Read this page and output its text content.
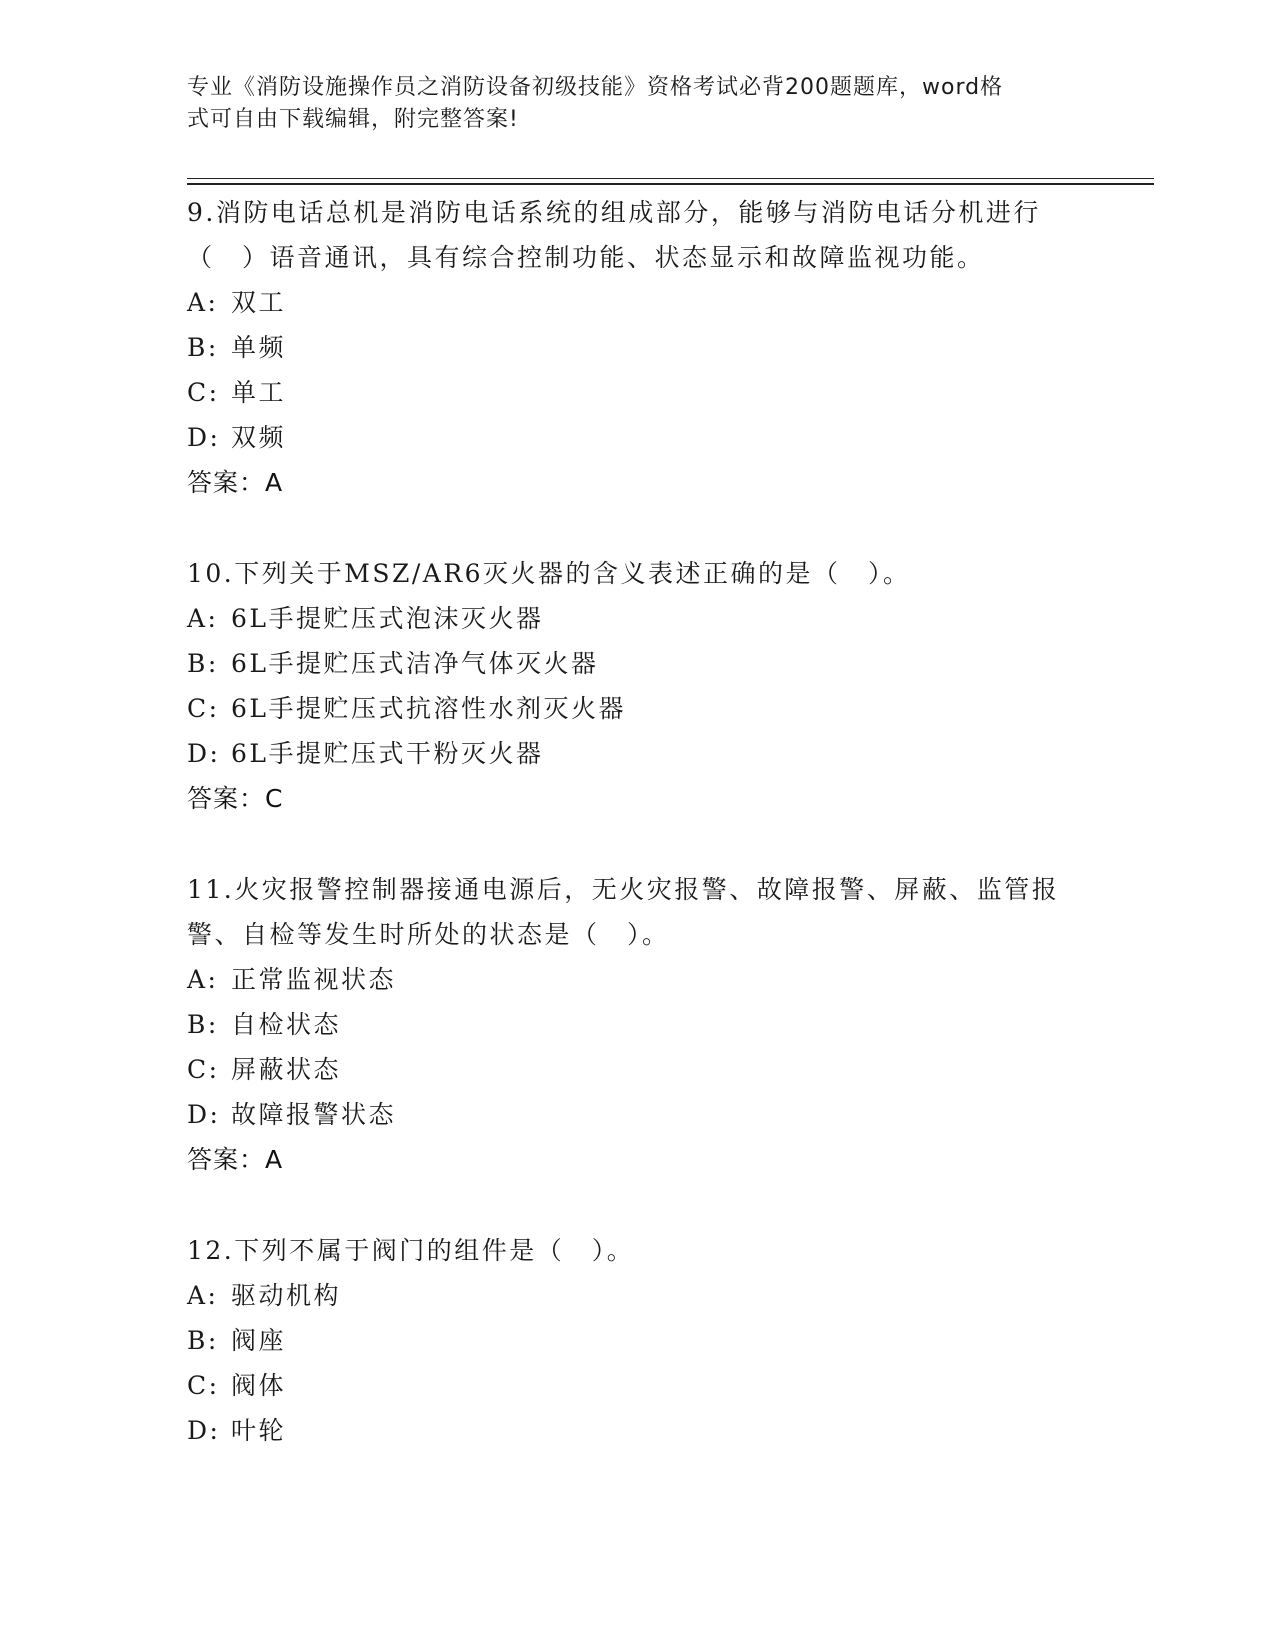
专业《消防设施操作员之消防设备初级技能》资格考试必背200题题库，word格
式可自由下载编辑，附完整答案!
9.消防电话总机是消防电话系统的组成部分，能够与消防电话分机进行（　）语音通讯，具有综合控制功能、状态显示和故障监视功能。
A: 双工
B: 单频
C: 单工
D: 双频
答案：A
10.下列关于MSZ/AR6灭火器的含义表述正确的是（　）。
A: 6L手提贮压式泡沫灭火器
B: 6L手提贮压式洁净气体灭火器
C: 6L手提贮压式抗溶性水剂灭火器
D: 6L手提贮压式干粉灭火器
答案：C
11.火灾报警控制器接通电源后，无火灾报警、故障报警、屏蔽、监管报警、自检等发生时所处的状态是（　）。
A: 正常监视状态
B: 自检状态
C: 屏蔽状态
D: 故障报警状态
答案：A
12.下列不属于阀门的组件是（　）。
A: 驱动机构
B: 阀座
C: 阀体
D: 叶轮
